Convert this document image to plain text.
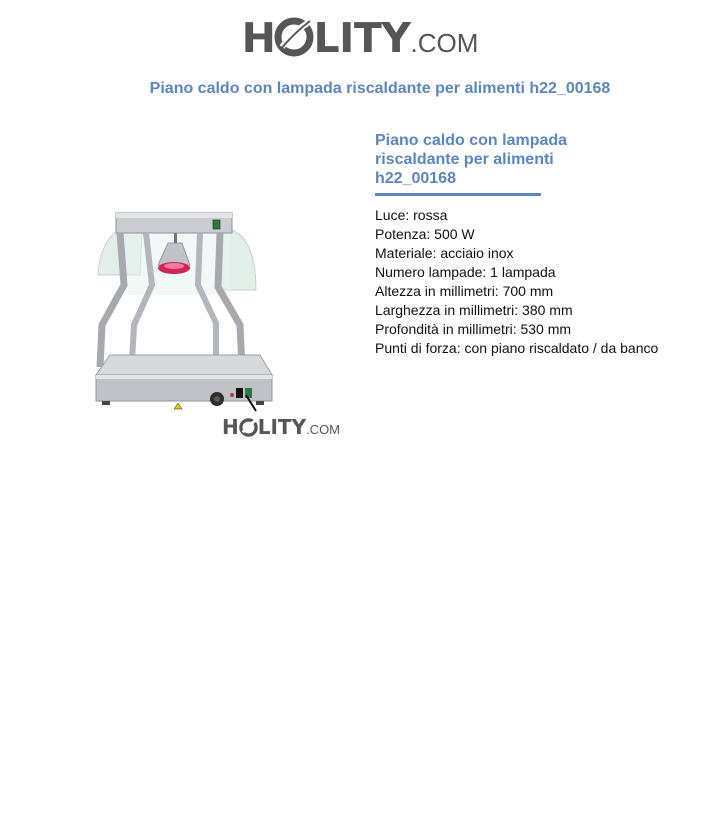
H LITY.COM
Piano caldo con lampada riscaldante per alimenti h22_00168
H LITY.COM
Piano caldo con lampada riscaldante per alimenti h22_00168
Luce: rossa
Potenza: 500 W
Materiale: acciaio inox
Numero lampade: 1 lampada
Altezza in millimetri: 700 mm
Larghezza in millimetri: 380 mm
Profondità in millimetri: 530 mm
Punti di forza: con piano riscaldato / da banco
